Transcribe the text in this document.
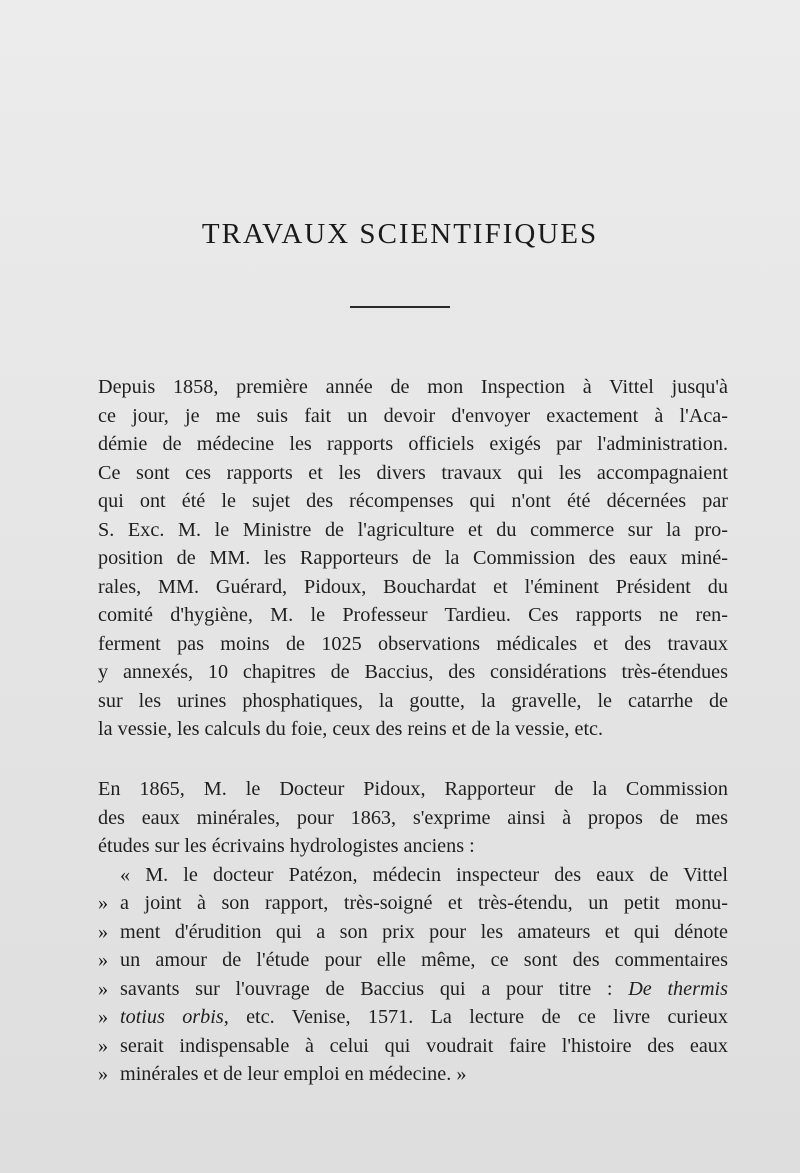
TRAVAUX SCIENTIFIQUES
Depuis 1858, première année de mon Inspection à Vittel jusqu'à
ce jour, je me suis fait un devoir d'envoyer exactement à l'Aca-
démie de médecine les rapports officiels exigés par l'administration.
Ce sont ces rapports et les divers travaux qui les accompagnaient
qui ont été le sujet des récompenses qui n'ont été décernées par
S. Exc. M. le Ministre de l'agriculture et du commerce sur la pro-
position de MM. les Rapporteurs de la Commission des eaux miné-
rales, MM. Guérard, Pidoux, Bouchardat et l'éminent Président du
comité d'hygiène, M. le Professeur Tardieu. Ces rapports ne ren-
ferment pas moins de 1025 observations médicales et des travaux
y annexés, 10 chapitres de Baccius, des considérations très-étendues
sur les urines phosphatiques, la goutte, la gravelle, le catarrhe de
la vessie, les calculs du foie, ceux des reins et de la vessie, etc.
En 1865, M. le Docteur Pidoux, Rapporteur de la Commission
des eaux minérales, pour 1863, s'exprime ainsi à propos de mes
études sur les écrivains hydrologistes anciens :
« M. le docteur Patézon, médecin inspecteur des eaux de Vittel
» a joint à son rapport, très-soigné et très-étendu, un petit monu-
» ment d'érudition qui a son prix pour les amateurs et qui dénote
» un amour de l'étude pour elle même, ce sont des commentaires
» savants sur l'ouvrage de Baccius qui a pour titre : De thermis
» totius orbis, etc. Venise, 1571. La lecture de ce livre curieux
» serait indispensable à celui qui voudrait faire l'histoire des eaux
» minérales et de leur emploi en médecine. »
